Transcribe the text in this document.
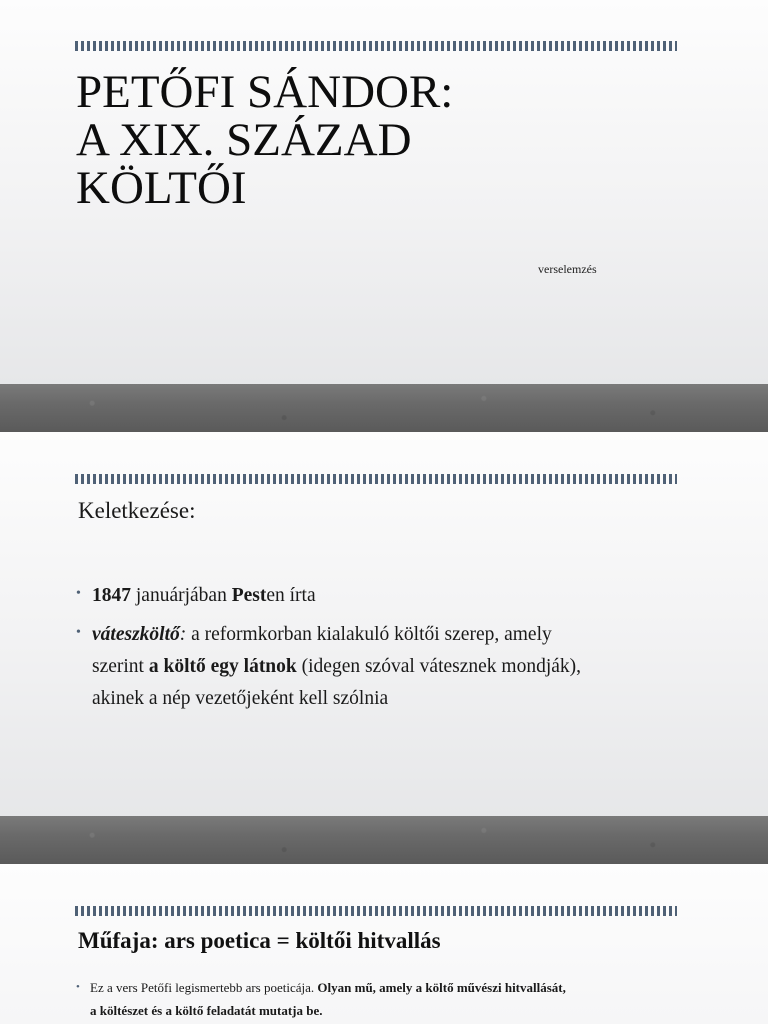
PETŐFI SÁNDOR:
A XIX. SZÁZAD
KÖLTŐI
verselemzés
Keletkezése:
• 1847 januárjában Pesten írta
• váteszköltő: a reformkorban kialakuló költői szerep, amely
szerint a költő egy látnok (idegen szóval vátesznek mondják),
akinek a nép vezetőjeként kell szólnia
Műfaja: ars poetica = költői hitvallás
• Ez a vers Petőfi legismertebb ars poeticája. Olyan mű, amely a költő művészi hitvallását,
a költészet és a költő feladatát mutatja be.
